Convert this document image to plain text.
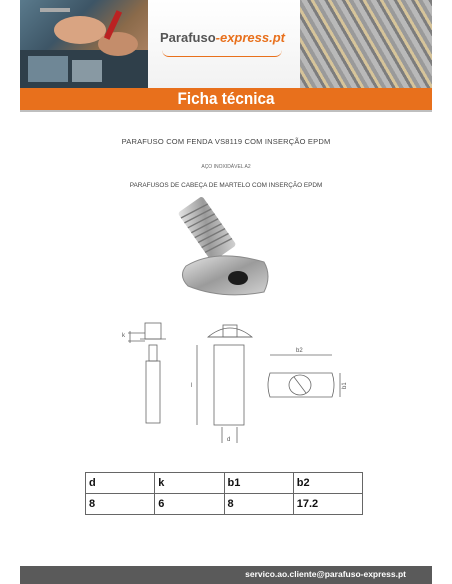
Parafuso-express.pt
Ficha técnica
PARAFUSO COM FENDA VS8119 COM INSERÇÃO EPDM
AÇO INOXIDÁVEL A2
PARAFUSOS DE CABEÇA DE MARTELO COM INSERÇÃO EPDM
k
l
d
b2
b1
d	k	b1	b2
8	6	8	17.2
servico.ao.cliente@parafuso-express.pt
